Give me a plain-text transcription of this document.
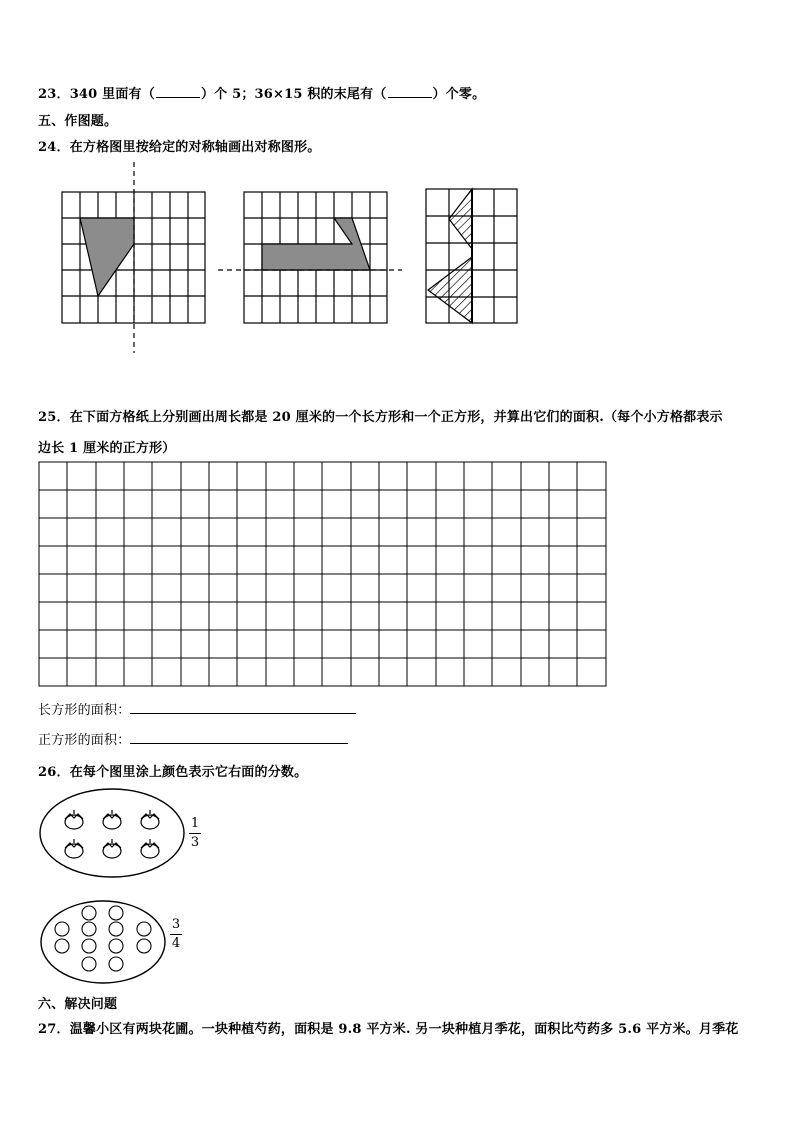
23．340 里面有（	）个 5；36×15 积的末尾有（	）个零。
五、作图题。
24．在方格图里按给定的对称轴画出对称图形。
25．在下面方格纸上分别画出周长都是 20 厘米的一个长方形和一个正方形，并算出它们的面积.（每个小方格都表示
边长 1 厘米的正方形）
长方形的面积：
正方形的面积：
26．在每个图里涂上颜色表示它右面的分数。
1
3
3
4
六、解决问题
27．温馨小区有两块花圃。一块种植芍药，面积是 9.8 平方米. 另一块种植月季花，面积比芍药多 5.6 平方米。月季花
